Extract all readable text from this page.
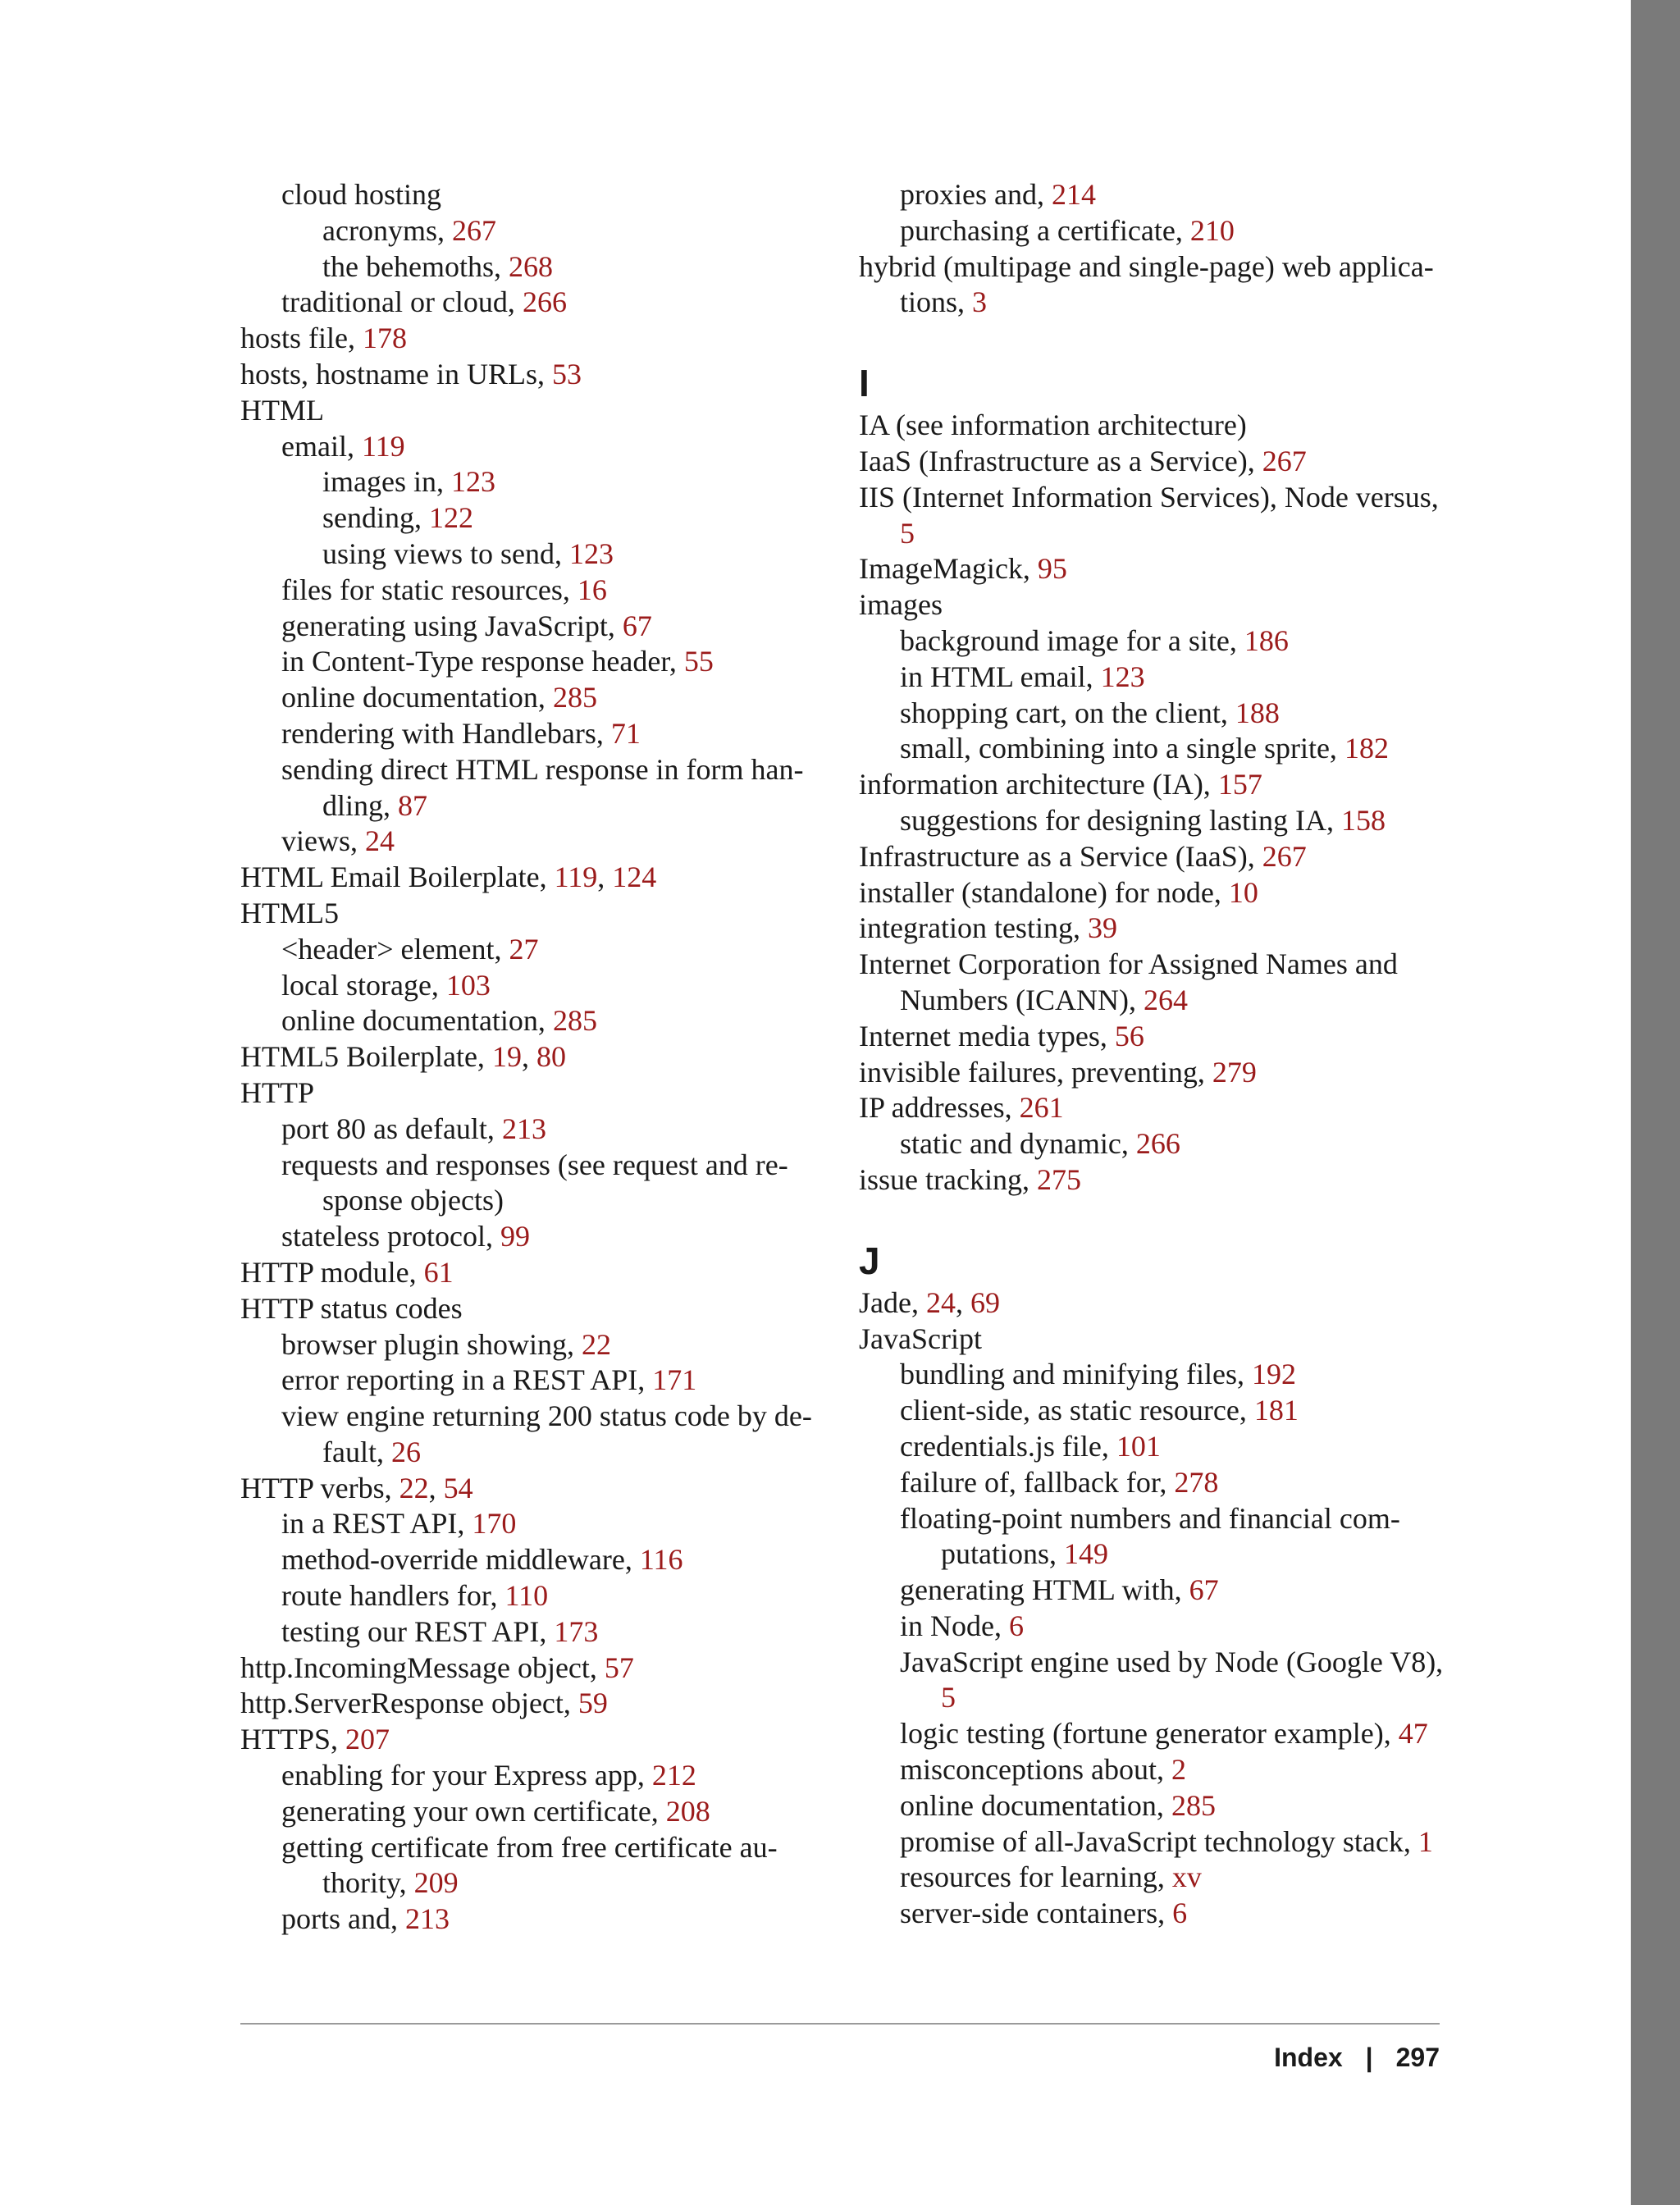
cloud hosting
acronyms, 267
the behemoths, 268
traditional or cloud, 266
hosts file, 178
hosts, hostname in URLs, 53
HTML
email, 119
images in, 123
sending, 122
using views to send, 123
files for static resources, 16
generating using JavaScript, 67
in Content-Type response header, 55
online documentation, 285
rendering with Handlebars, 71
sending direct HTML response in form handling, 87
views, 24
HTML Email Boilerplate, 119, 124
HTML5
<header> element, 27
local storage, 103
online documentation, 285
HTML5 Boilerplate, 19, 80
HTTP
port 80 as default, 213
requests and responses (see request and response objects)
stateless protocol, 99
HTTP module, 61
HTTP status codes
browser plugin showing, 22
error reporting in a REST API, 171
view engine returning 200 status code by default, 26
HTTP verbs, 22, 54
in a REST API, 170
method-override middleware, 116
route handlers for, 110
testing our REST API, 173
http.IncomingMessage object, 57
http.ServerResponse object, 59
HTTPS, 207
enabling for your Express app, 212
generating your own certificate, 208
getting certificate from free certificate authority, 209
ports and, 213
proxies and, 214
purchasing a certificate, 210
hybrid (multipage and single-page) web applications, 3
I
IA (see information architecture)
IaaS (Infrastructure as a Service), 267
IIS (Internet Information Services), Node versus, 5
ImageMagick, 95
images
background image for a site, 186
in HTML email, 123
shopping cart, on the client, 188
small, combining into a single sprite, 182
information architecture (IA), 157
suggestions for designing lasting IA, 158
Infrastructure as a Service (IaaS), 267
installer (standalone) for node, 10
integration testing, 39
Internet Corporation for Assigned Names and Numbers (ICANN), 264
Internet media types, 56
invisible failures, preventing, 279
IP addresses, 261
static and dynamic, 266
issue tracking, 275
J
Jade, 24, 69
JavaScript
bundling and minifying files, 192
client-side, as static resource, 181
credentials.js file, 101
failure of, fallback for, 278
floating-point numbers and financial computations, 149
generating HTML with, 67
in Node, 6
JavaScript engine used by Node (Google V8), 5
logic testing (fortune generator example), 47
misconceptions about, 2
online documentation, 285
promise of all-JavaScript technology stack, 1
resources for learning, xv
server-side containers, 6
Index | 297
